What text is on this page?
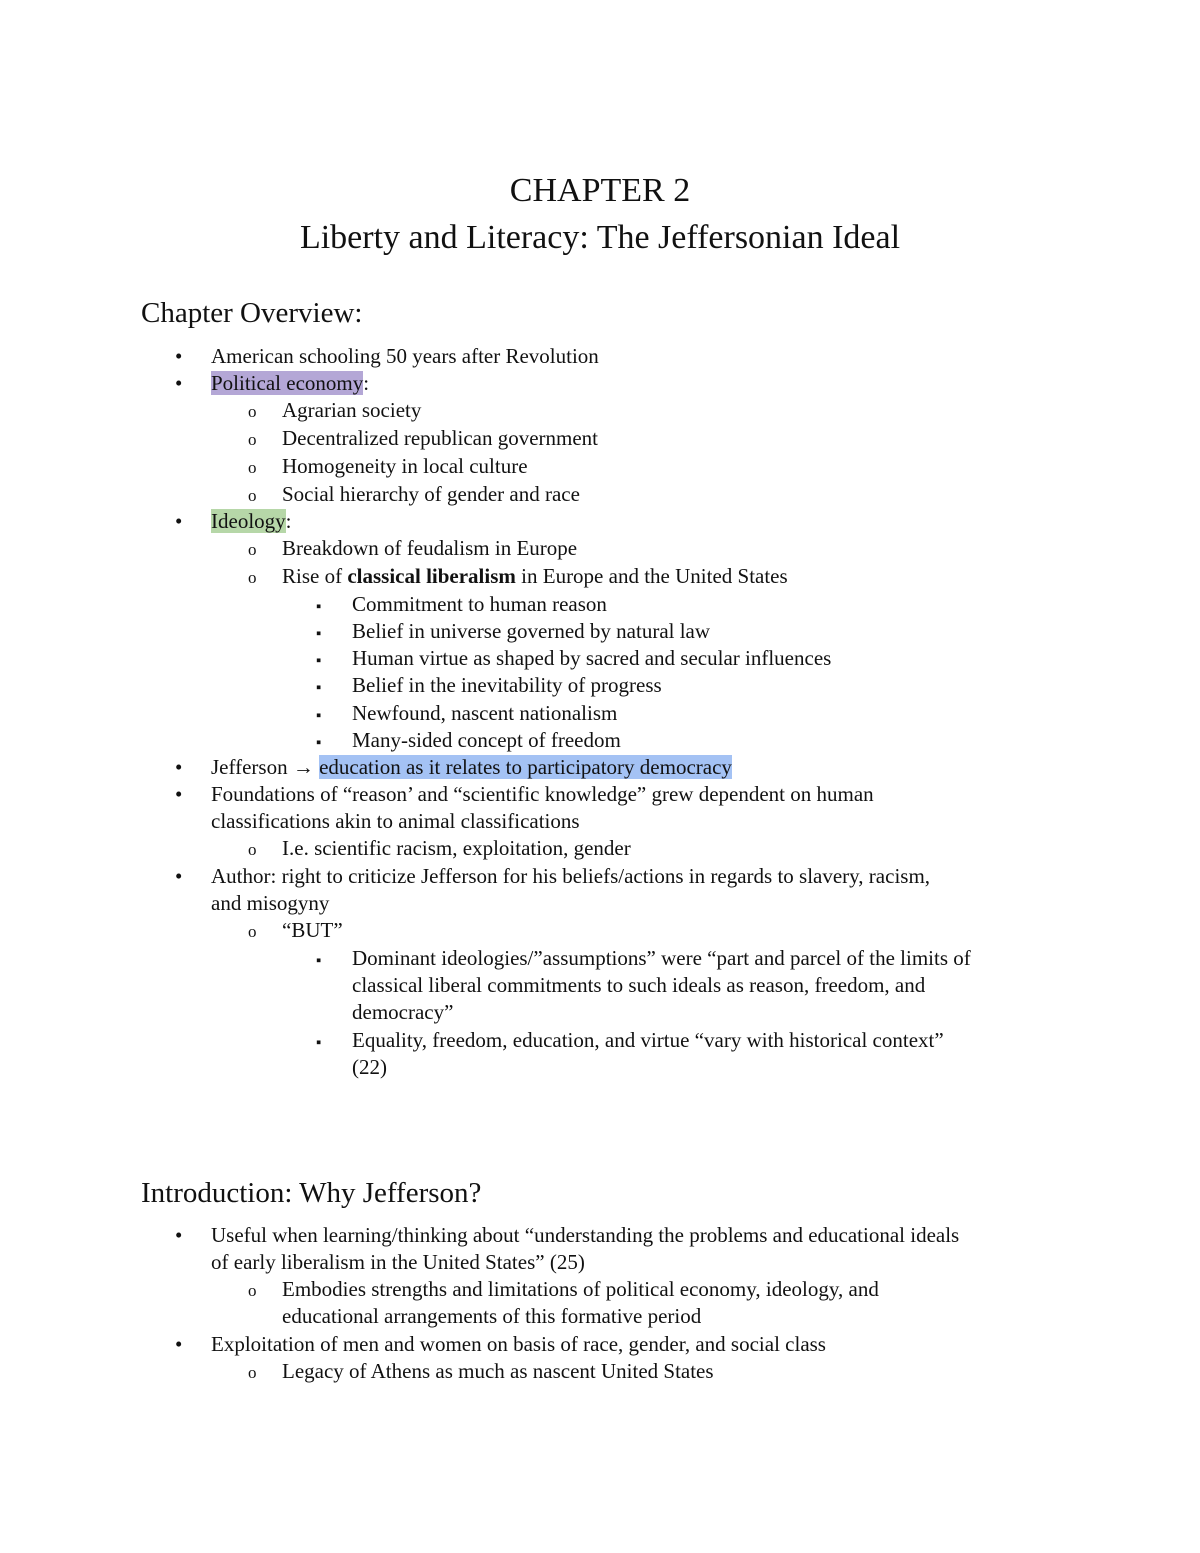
CHAPTER 2
Liberty and Literacy: The Jeffersonian Ideal
Chapter Overview:
• American schooling 50 years after Revolution
• Political economy:
o Agrarian society
o Decentralized republican government
o Homogeneity in local culture
o Social hierarchy of gender and race
• Ideology:
o Breakdown of feudalism in Europe
o Rise of classical liberalism in Europe and the United States
▪ Commitment to human reason
▪ Belief in universe governed by natural law
▪ Human virtue as shaped by sacred and secular influences
▪ Belief in the inevitability of progress
▪ Newfound, nascent nationalism
▪ Many-sided concept of freedom
• Jefferson → education as it relates to participatory democracy
• Foundations of “reason’ and “scientific knowledge” grew dependent on human
classifications akin to animal classifications
o I.e. scientific racism, exploitation, gender
• Author: right to criticize Jefferson for his beliefs/actions in regards to slavery, racism,
and misogyny
o “BUT”
▪ Dominant ideologies/”assumptions” were “part and parcel of the limits of
classical liberal commitments to such ideals as reason, freedom, and
democracy”
▪ Equality, freedom, education, and virtue “vary with historical context”
(22)
Introduction: Why Jefferson?
• Useful when learning/thinking about “understanding the problems and educational ideals
of early liberalism in the United States” (25)
o Embodies strengths and limitations of political economy, ideology, and
educational arrangements of this formative period
• Exploitation of men and women on basis of race, gender, and social class
o Legacy of Athens as much as nascent United States
